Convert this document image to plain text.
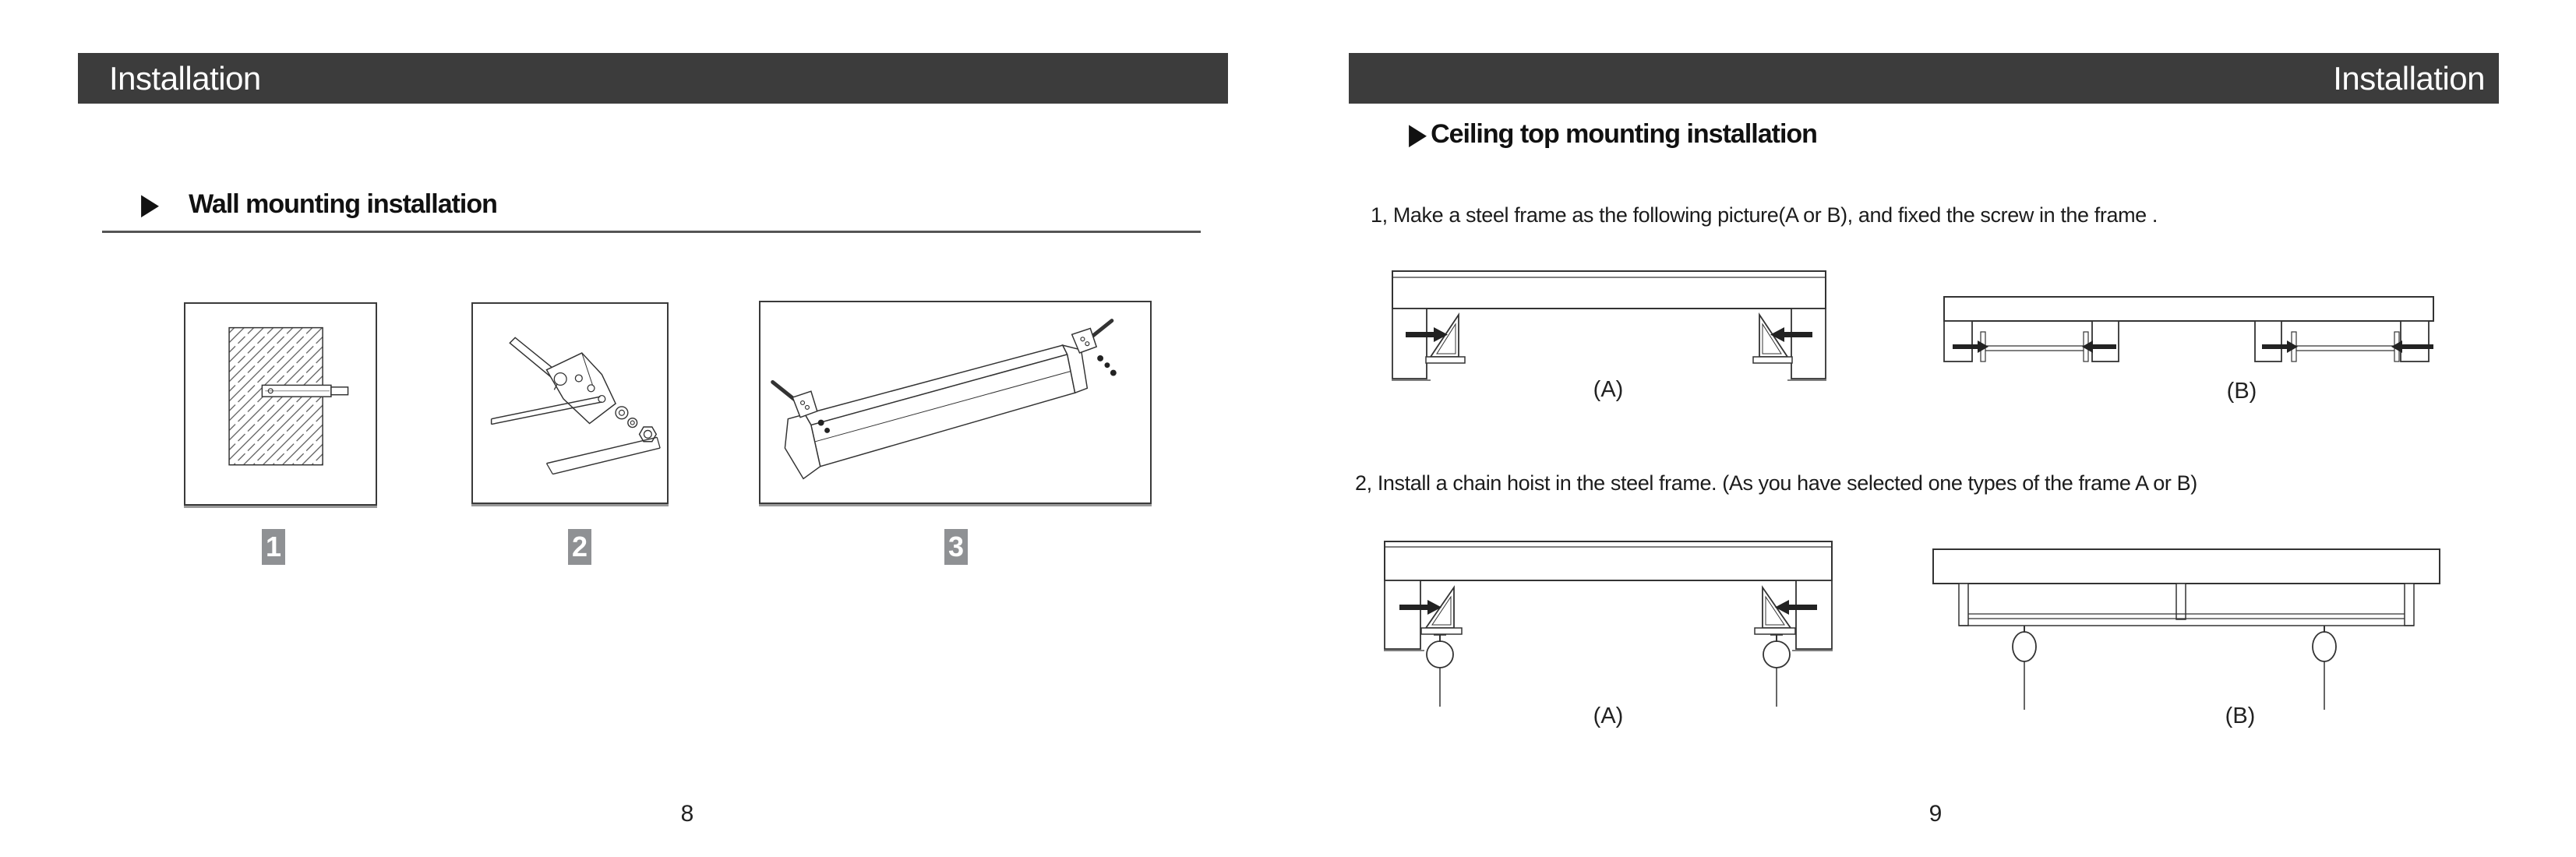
Installation
▶ Wall mounting installation
1	2	3
8
Installation
▶ Ceiling top mounting installation
1, Make a steel frame as the following picture(A or B), and fixed the screw in the frame .
(A)	(B)
2, Install a chain hoist in the steel frame. (As you have selected one types of the frame A or B)
(A)	(B)
9
